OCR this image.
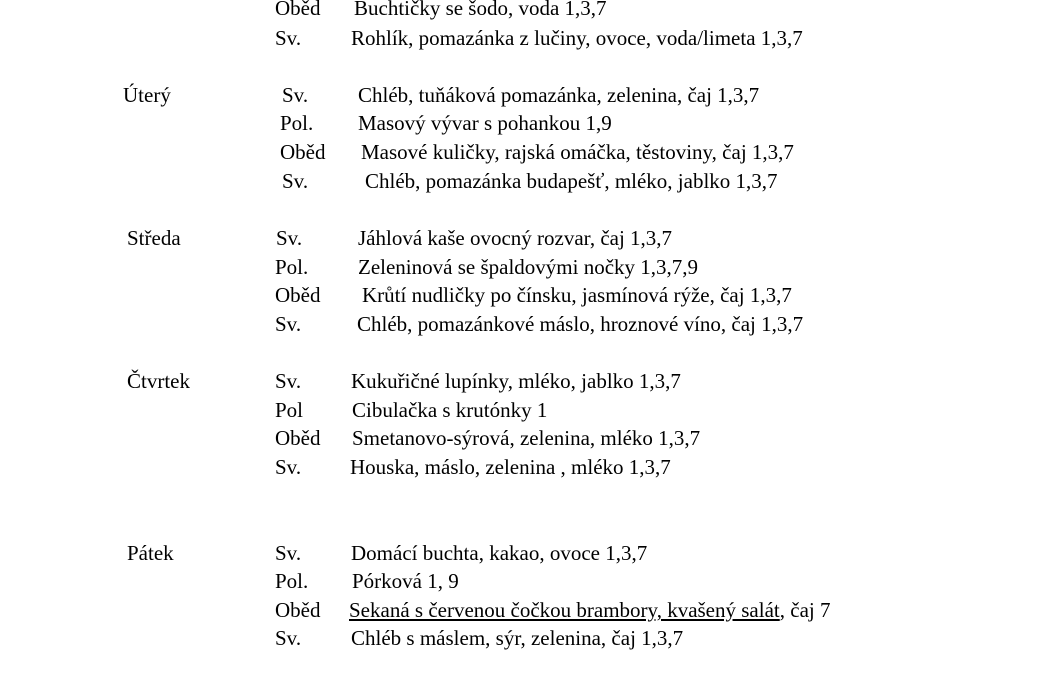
Oběd Buchtičky se šodo, voda 1,3,7
Sv. Rohlík, pomazánka z lučiny, ovoce, voda/limeta 1,3,7
Úterý	Sv. Chléb, tuňáková pomazánka, zelenina, čaj 1,3,7
Pol. Masový vývar s pohankou 1,9
Oběd Masové kuličky, rajská omáčka, těstoviny, čaj 1,3,7
Sv.	Chléb, pomazánka budapešť, mléko, jablko 1,3,7
Středa	Sv.	Jáhlová kaše ovocný rozvar, čaj 1,3,7
Pol. Zeleninová se špaldovými nočky 1,3,7,9
Oběd Krůtí nudličky po čínsku, jasmínová rýže, čaj 1,3,7
Sv.	Chléb, pomazánkové máslo, hroznové víno, čaj 1,3,7
Čtvrtek	Sv. Kukuřičné lupínky, mléko, jablko 1,3,7
Pol Cibulačka s krutónky 1
Oběd Smetanovo-sýrová, zelenina, mléko 1,3,7
Sv. Houska, máslo, zelenina , mléko 1,3,7
Pátek	Sv. Domácí buchta, kakao, ovoce 1,3,7
Pol. Pórková 1, 9
Oběd Sekaná s červenou čočkou brambory, kvašený salát, čaj 7
Sv. Chléb s máslem, sýr, zelenina, čaj 1,3,7
